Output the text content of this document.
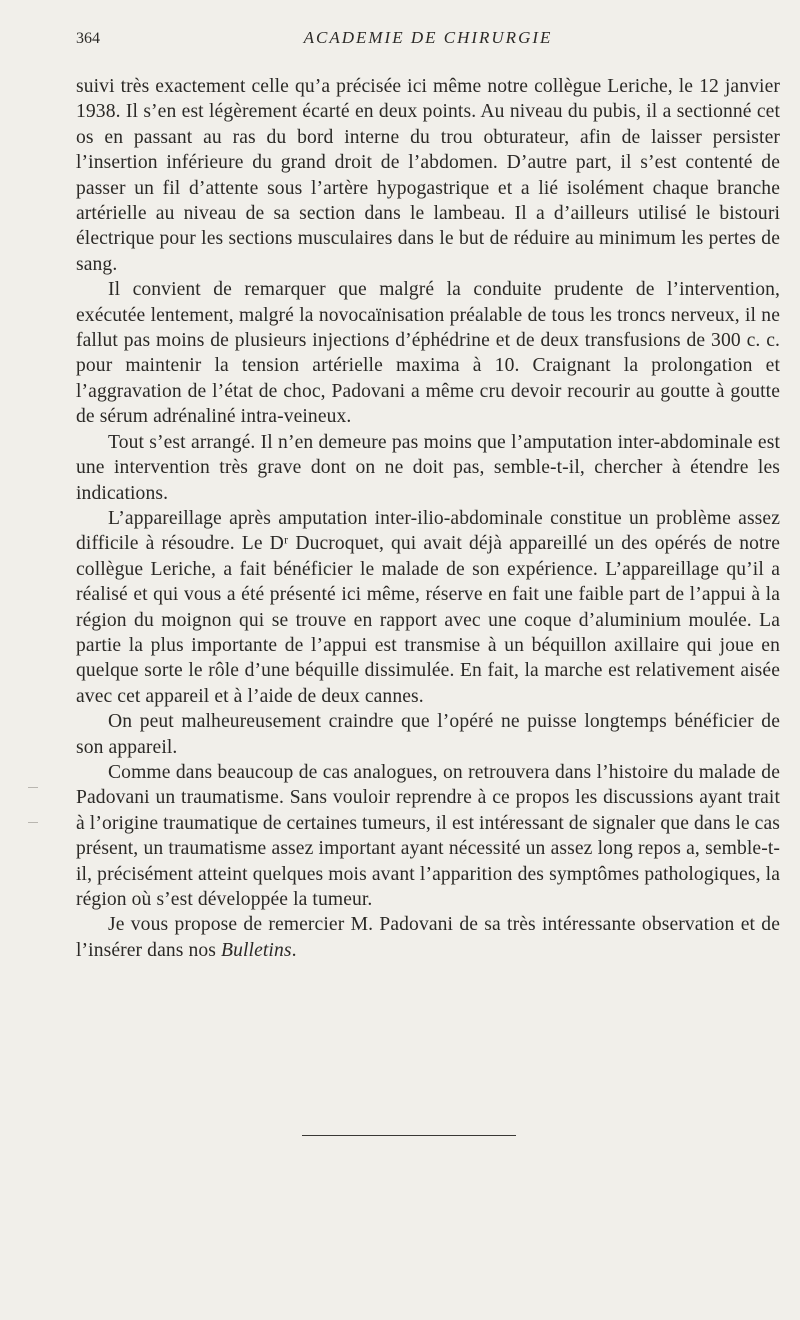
364	ACADEMIE DE CHIRURGIE

suivi très exactement celle qu’a précisée ici même notre collègue Leriche, le 12 janvier 1938. Il s’en est légèrement écarté en deux points. Au niveau du pubis, il a sectionné cet os en passant au ras du bord interne du trou obturateur, afin de laisser persister l’insertion inférieure du grand droit de l’abdomen. D’autre part, il s’est contenté de passer un fil d’attente sous l’artère hypogastrique et a lié isolément chaque branche artérielle au niveau de sa section dans le lambeau. Il a d’ailleurs utilisé le bistouri électrique pour les sections musculaires dans le but de réduire au minimum les pertes de sang.

Il convient de remarquer que malgré la conduite prudente de l’intervention, exécutée lentement, malgré la novocaïnisation préalable de tous les troncs nerveux, il ne fallut pas moins de plusieurs injections d’éphédrine et de deux transfusions de 300 c. c. pour maintenir la tension artérielle maxima à 10. Craignant la prolongation et l’aggravation de l’état de choc, Padovani a même cru devoir recourir au goutte à goutte de sérum adrénaliné intra-veineux.

Tout s’est arrangé. Il n’en demeure pas moins que l’amputation inter-abdominale est une intervention très grave dont on ne doit pas, semble-t-il, chercher à étendre les indications.

L’appareillage après amputation inter-ilio-abdominale constitue un problème assez difficile à résoudre. Le Dʳ Ducroquet, qui avait déjà appareillé un des opérés de notre collègue Leriche, a fait bénéficier le malade de son expérience. L’appareillage qu’il a réalisé et qui vous a été présenté ici même, réserve en fait une faible part de l’appui à la région du moignon qui se trouve en rapport avec une coque d’aluminium moulée. La partie la plus importante de l’appui est transmise à un béquillon axillaire qui joue en quelque sorte le rôle d’une béquille dissimulée. En fait, la marche est relativement aisée avec cet appareil et à l’aide de deux cannes.

On peut malheureusement craindre que l’opéré ne puisse longtemps bénéficier de son appareil.

Comme dans beaucoup de cas analogues, on retrouvera dans l’histoire du malade de Padovani un traumatisme. Sans vouloir reprendre à ce propos les discussions ayant trait à l’origine traumatique de certaines tumeurs, il est intéressant de signaler que dans le cas présent, un traumatisme assez important ayant nécessité un assez long repos a, semble-t-il, précisément atteint quelques mois avant l’apparition des symptômes pathologiques, la région où s’est développée la tumeur.

Je vous propose de remercier M. Padovani de sa très intéressante observation et de l’insérer dans nos Bulletins.
